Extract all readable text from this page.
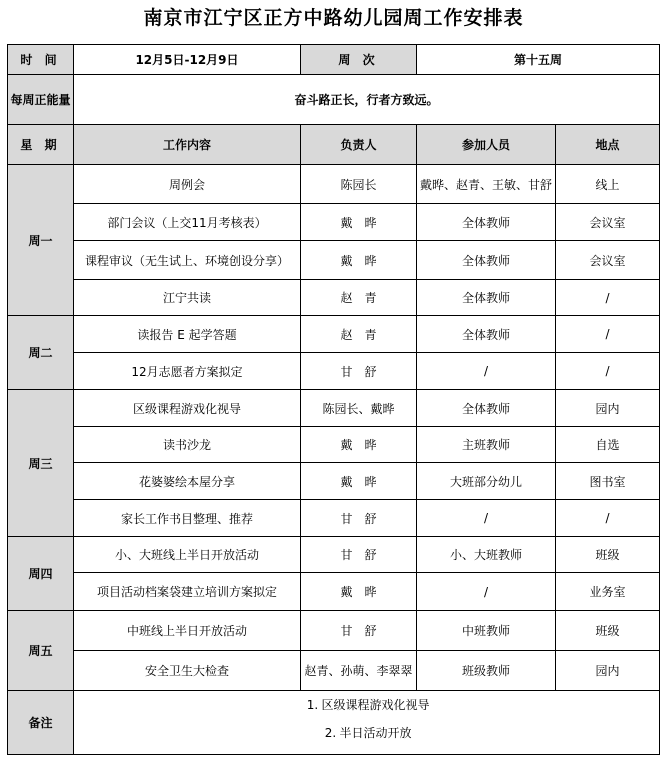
南京市江宁区正方中路幼儿园周工作安排表
时 间	12月5日-12月9日	周 次	第十五周	
每周正能量	奋斗路正长，行者方致远。			
星 期	工作内容	负责人	参加人员	地点
周一	周例会	陈园长	戴晔、赵青、王敏、甘舒	线上
	部门会议（上交11月考核表）	戴　晔	全体教师	会议室
	课程审议（无生试上、环境创设分享）	戴　晔	全体教师	会议室
	江宁共读	赵　青	全体教师	/
周二	读报告 E 起学答题	赵　青	全体教师	/
	12月志愿者方案拟定	甘　舒	/	/
周三	区级课程游戏化视导	陈园长、戴晔	全体教师	园内
	读书沙龙	戴　晔	主班教师	自选
	花婆婆绘本屋分享	戴　晔	大班部分幼儿	图书室
	家长工作书目整理、推荐	甘　舒	/	/
周四	小、大班线上半日开放活动	甘　舒	小、大班教师	班级
	项目活动档案袋建立培训方案拟定	戴　晔	/	业务室
周五	中班线上半日开放活动	甘　舒	中班教师	班级
	安全卫生大检查	赵青、孙萌、李翠翠	班级教师	园内
备注	1. 区级课程游戏化视导
2. 半日活动开放			
